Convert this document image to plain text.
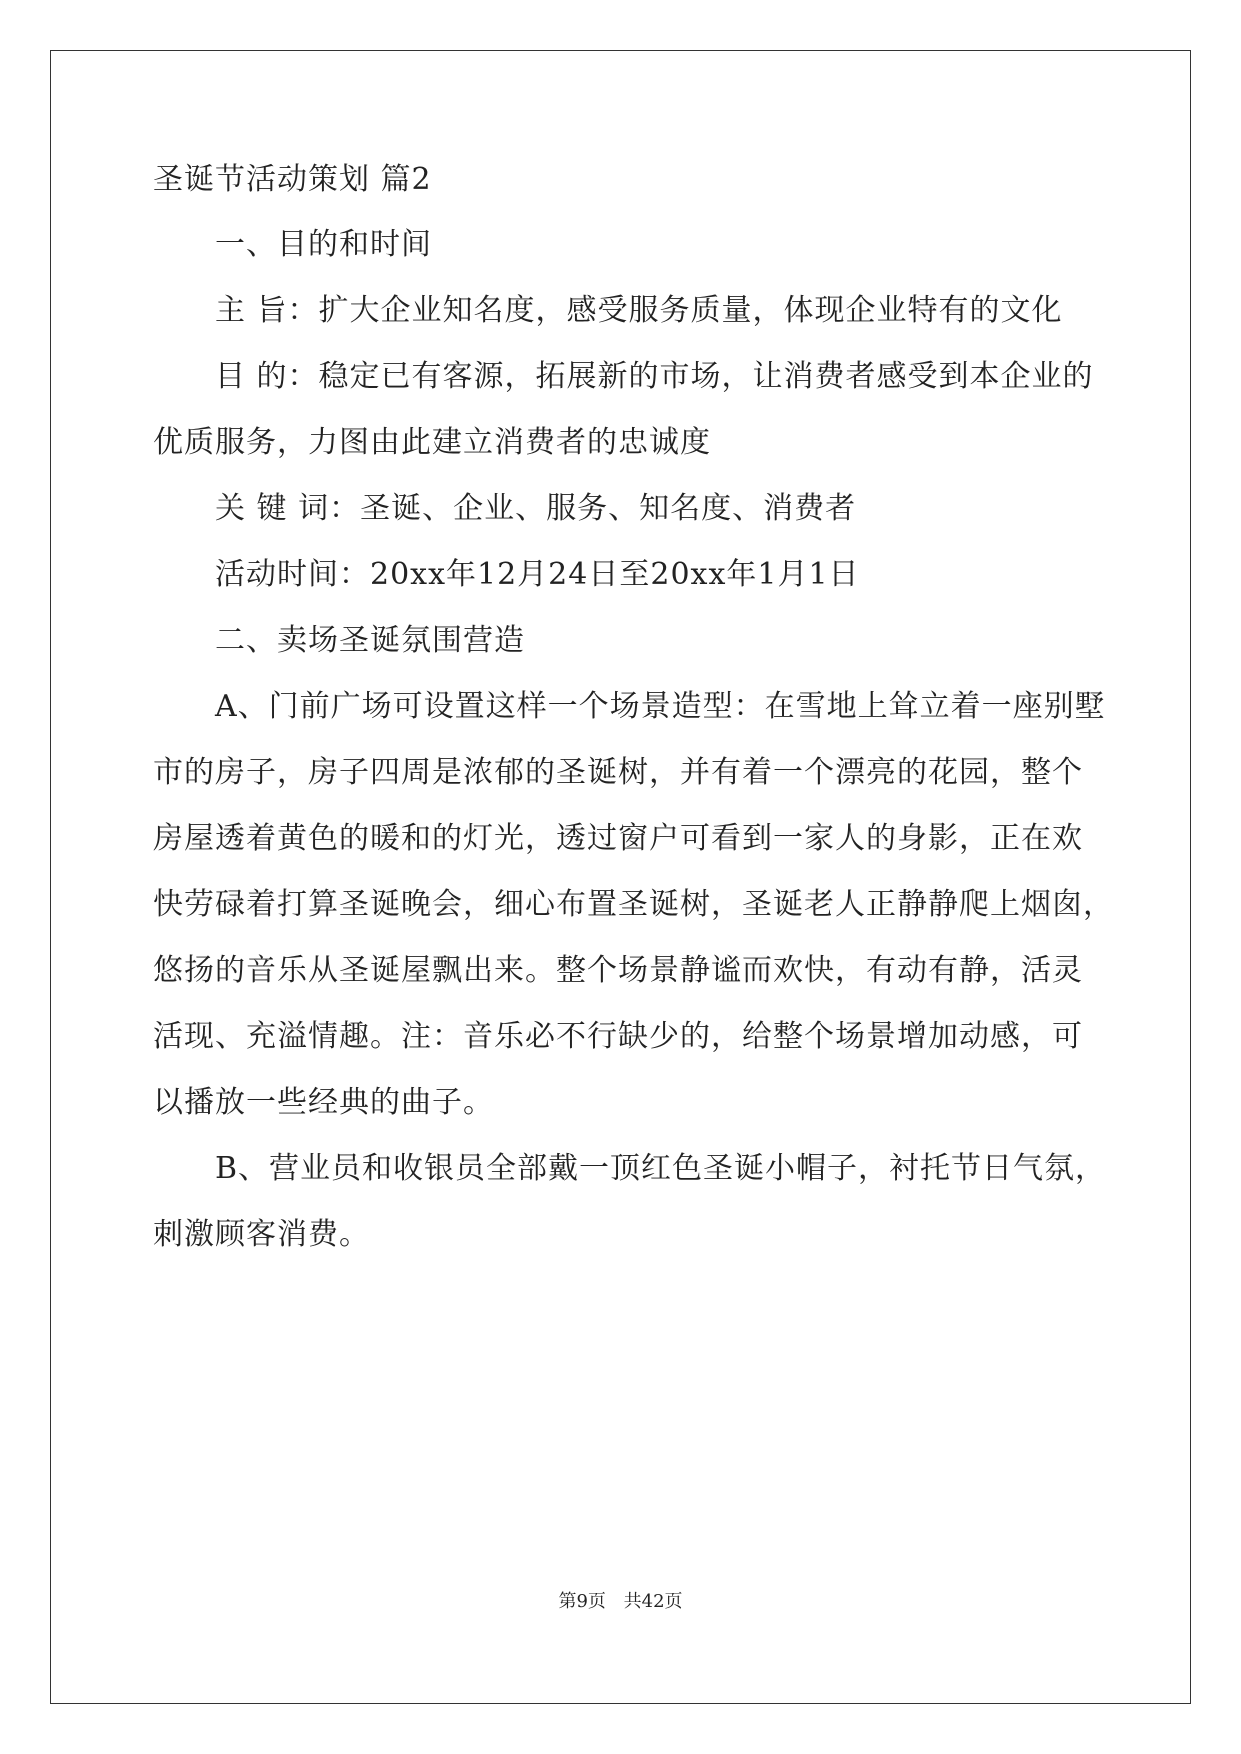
圣诞节活动策划 篇2
一、目的和时间
主 旨：扩大企业知名度，感受服务质量，体现企业特有的文化
目 的：稳定已有客源，拓展新的市场，让消费者感受到本企业的
优质服务，力图由此建立消费者的忠诚度
关 键 词：圣诞、企业、服务、知名度、消费者
活动时间：20xx年12月24日至20xx年1月1日
二、卖场圣诞氛围营造
A、门前广场可设置这样一个场景造型：在雪地上耸立着一座别墅
市的房子，房子四周是浓郁的圣诞树，并有着一个漂亮的花园，整个
房屋透着黄色的暖和的灯光，透过窗户可看到一家人的身影，正在欢
快劳碌着打算圣诞晚会，细心布置圣诞树，圣诞老人正静静爬上烟囱，
悠扬的音乐从圣诞屋飘出来。整个场景静谧而欢快，有动有静，活灵
活现、充溢情趣。注：音乐必不行缺少的，给整个场景增加动感，可
以播放一些经典的曲子。
B、营业员和收银员全部戴一顶红色圣诞小帽子，衬托节日气氛，
刺激顾客消费。
第9页 共42页
